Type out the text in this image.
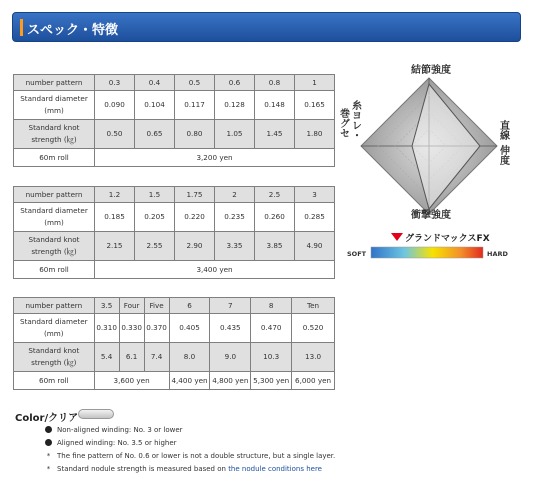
スペック・特徴
number pattern	0.3	0.4	0.5	0.6	0.8	1
Standard diameter (mm)	0.090	0.104	0.117	0.128	0.148	0.165
Standard knot strength (㎏)	0.50	0.65	0.80	1.05	1.45	1.80
60m roll	3,200 yen					
number pattern	1.2	1.5	1.75	2	2.5	3
Standard diameter (mm)	0.185	0.205	0.220	0.235	0.260	0.285
Standard knot strength (㎏)	2.15	2.55	2.90	3.35	3.85	4.90
60m roll	3,400 yen					
number pattern	3.5	Four	Five	6	7	8	Ten
Standard diameter (mm)	0.310	0.330	0.370	0.405	0.435	0.470	0.520
Standard knot strength (㎏)	5.4	6.1	7.4	8.0	9.0	10.3	13.0
60m roll	3,600 yen			4,400 yen	4,800 yen	5,300 yen	6,000 yen
結節強度
衝撃強度
直線
伸度
糸ヨレ・
巻グセ
グランドマックスFX
SOFT	HARD
Color/クリア
Non-aligned winding: No. 3 or lower
Aligned winding: No. 3.5 or higher
* The fine pattern of No. 0.6 or lower is not a double structure, but a single layer.
* Standard nodule strength is measured based on
the nodule conditions here
